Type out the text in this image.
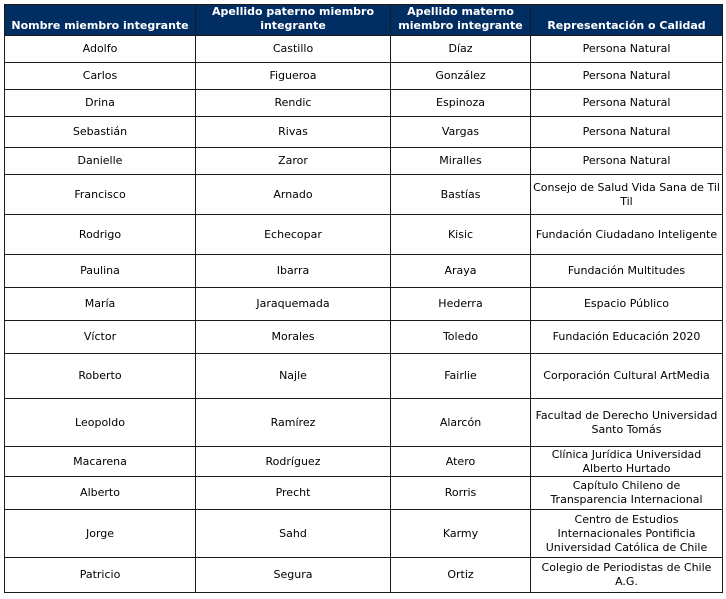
Nombre miembro integrante	Apellido paterno miembro integrante	Apellido materno miembro integrante	Representación o Calidad
Adolfo	Castillo	Díaz	Persona Natural
Carlos	Figueroa	González	Persona Natural
Drina	Rendic	Espinoza	Persona Natural
Sebastián	Rivas	Vargas	Persona Natural
Danielle	Zaror	Miralles	Persona Natural
Francisco	Arnado	Bastías	Consejo de Salud Vida Sana de Til Til
Rodrigo	Echecopar	Kisic	Fundación Ciudadano Inteligente
Paulina	Ibarra	Araya	Fundación Multitudes
María	Jaraquemada	Hederra	Espacio Público
Víctor	Morales	Toledo	Fundación Educación 2020
Roberto	Najle	Fairlie	Corporación Cultural ArtMedia
Leopoldo	Ramírez	Alarcón	Facultad de Derecho Universidad Santo Tomás
Macarena	Rodríguez	Atero	Clínica Jurídica Universidad Alberto Hurtado
Alberto	Precht	Rorris	Capítulo Chileno de Transparencia Internacional
Jorge	Sahd	Karmy	Centro de Estudios Internacionales Pontificia Universidad Católica de Chile
Patricio	Segura	Ortiz	Colegio de Periodistas de Chile A.G.
